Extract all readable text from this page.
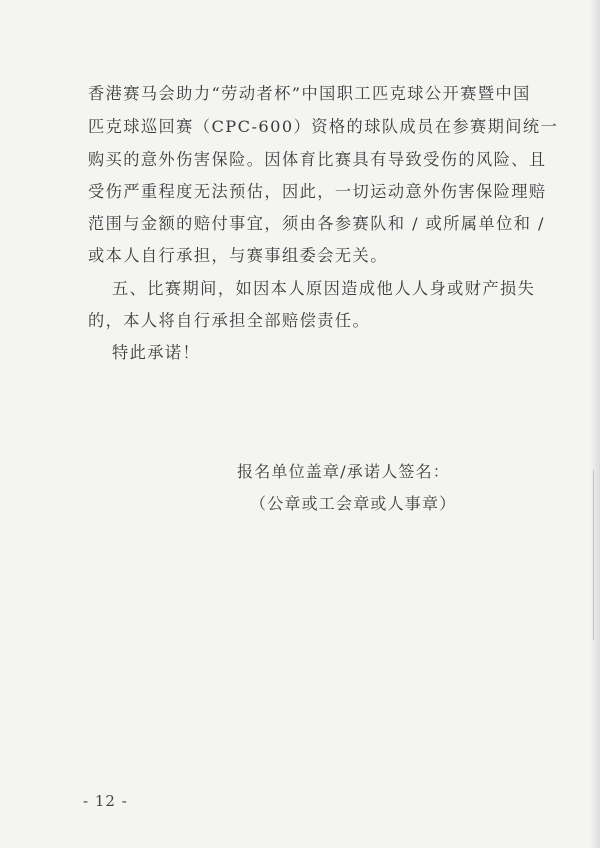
香港赛马会助力“劳动者杯”中国职工匹克球公开赛暨中国
匹克球巡回赛（CPC-600）资格的球队成员在参赛期间统一
购买的意外伤害保险。因体育比赛具有导致受伤的风险、且
受伤严重程度无法预估，因此，一切运动意外伤害保险理赔
范围与金额的赔付事宜，须由各参赛队和 / 或所属单位和 /
或本人自行承担，与赛事组委会无关。
五、比赛期间，如因本人原因造成他人人身或财产损失
的，本人将自行承担全部赔偿责任。
特此承诺！
报名单位盖章/承诺人签名：
（公章或工会章或人事章）
- 12 -
